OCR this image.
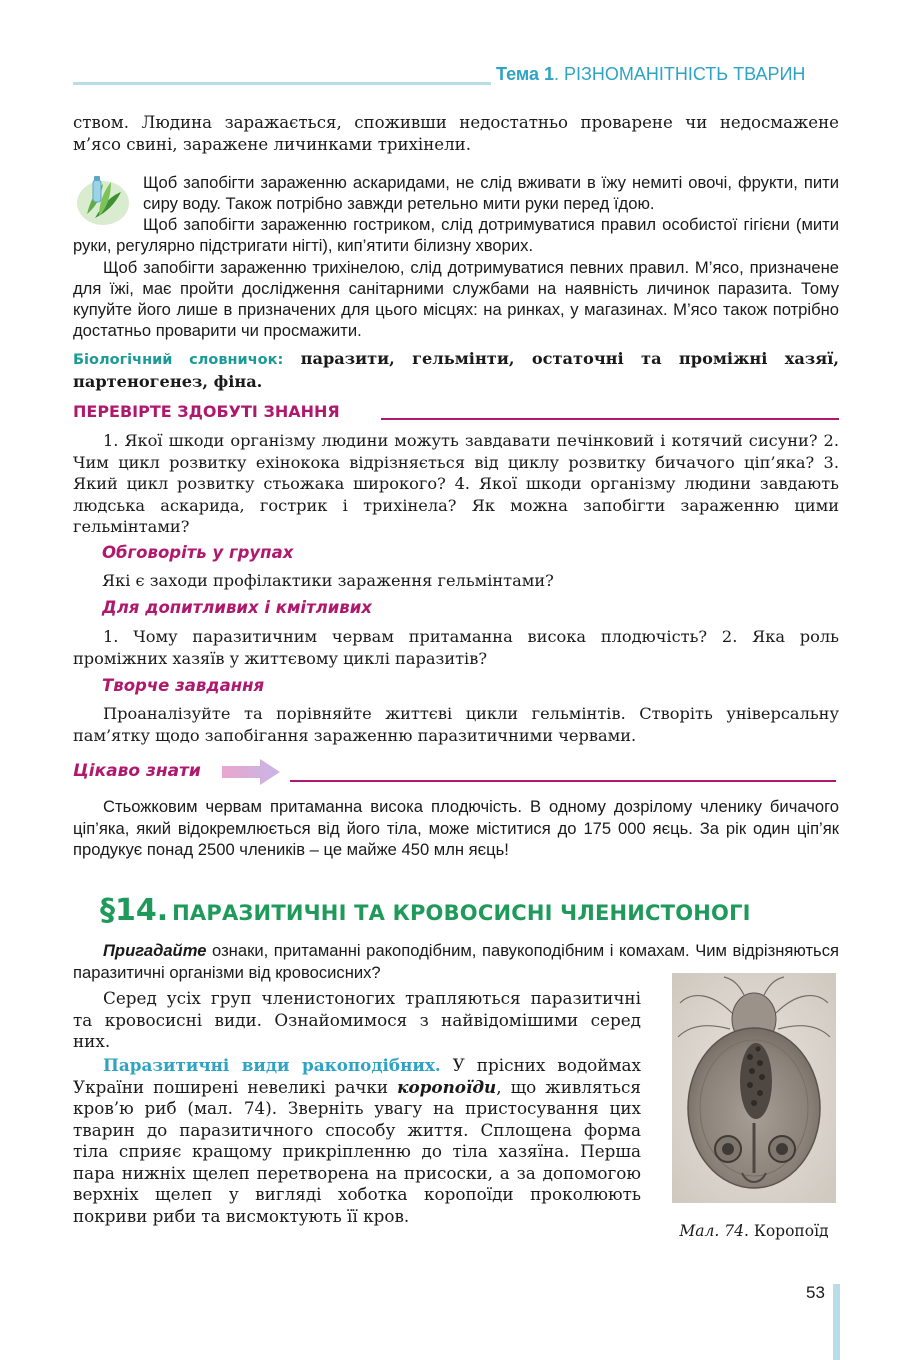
Тема 1. РІЗНОМАНІТНІСТЬ ТВАРИН
ством. Людина заражається, споживши недостатньо проварене чи недосмажене м’ясо свині, заражене личинками трихінели.
Щоб запобігти зараженню аскаридами, не слід вживати в їжу немиті овочі, фрукти, пити сиру воду. Також потрібно завжди ретельно мити руки перед їдою.
Щоб запобігти зараженню гостриком, слід дотримуватися правил особистої гігієни (мити руки, регулярно підстригати нігті), кип’ятити білизну хворих.
Щоб запобігти зараженню трихінелою, слід дотримуватися певних правил. М’ясо, призначене для їжі, має пройти дослідження санітарними службами на наявність личинок паразита. Тому купуйте його лише в призначених для цього місцях: на ринках, у магазинах. М’ясо також потрібно достатньо проварити чи просмажити.
Біологічний словничок: паразити, гельмінти, остаточні та проміжні хазяї, партеногенез, фіна.
ПЕРЕВІРТЕ ЗДОБУТІ ЗНАННЯ
1. Якої шкоди організму людини можуть завдавати печінковий і котячий сисуни? 2. Чим цикл розвитку ехінокока відрізняється від циклу розвитку бичачого ціп’яка? 3. Який цикл розвитку стьожака широкого? 4. Якої шкоди організму людини завдають людська аскарида, гострик і трихінела? Як можна запобігти зараженню цими гельмінтами?
Обговоріть у групах
Які є заходи профілактики зараження гельмінтами?
Для допитливих і кмітливих
1. Чому паразитичним червам притаманна висока плодючість? 2. Яка роль проміжних хазяїв у життєвому циклі паразитів?
Творче завдання
Проаналізуйте та порівняйте життєві цикли гельмінтів. Створіть універсальну пам’ятку щодо запобігання зараженню паразитичними червами.
Цікаво знати
Стьожковим червам притаманна висока плодючість. В одному дозрілому членику бичачого ціп’яка, який відокремлюється від його тіла, може міститися до 175 000 яєць. За рік один ціп’як продукує понад 2500 члеників – це майже 450 млн яєць!
§14. ПАРАЗИТИЧНІ ТА КРОВОСИСНІ ЧЛЕНИСТОНОГІ
Пригадайте ознаки, притаманні ракоподібним, павукоподібним і комахам. Чим відрізняються паразитичні організми від кровосисних?
Серед усіх груп членистоногих трапляються паразитичні та кровосисні види. Ознайомимося з найвідомішими серед них.
Паразитичні види ракоподібних. У прісних водоймах України поширені невеликі рачки коропоїди, що живляться кров’ю риб (мал. 74). Зверніть увагу на пристосування цих тварин до паразитичного способу життя. Сплощена форма тіла сприяє кращому прикріпленню до тіла хазяїна. Перша пара нижніх щелеп перетворена на присоски, а за допомогою верхніх щелеп у вигляді хоботка коропоїди проколюють покриви риби та висмоктують її кров.
Мал. 74. Коропоїд
53
